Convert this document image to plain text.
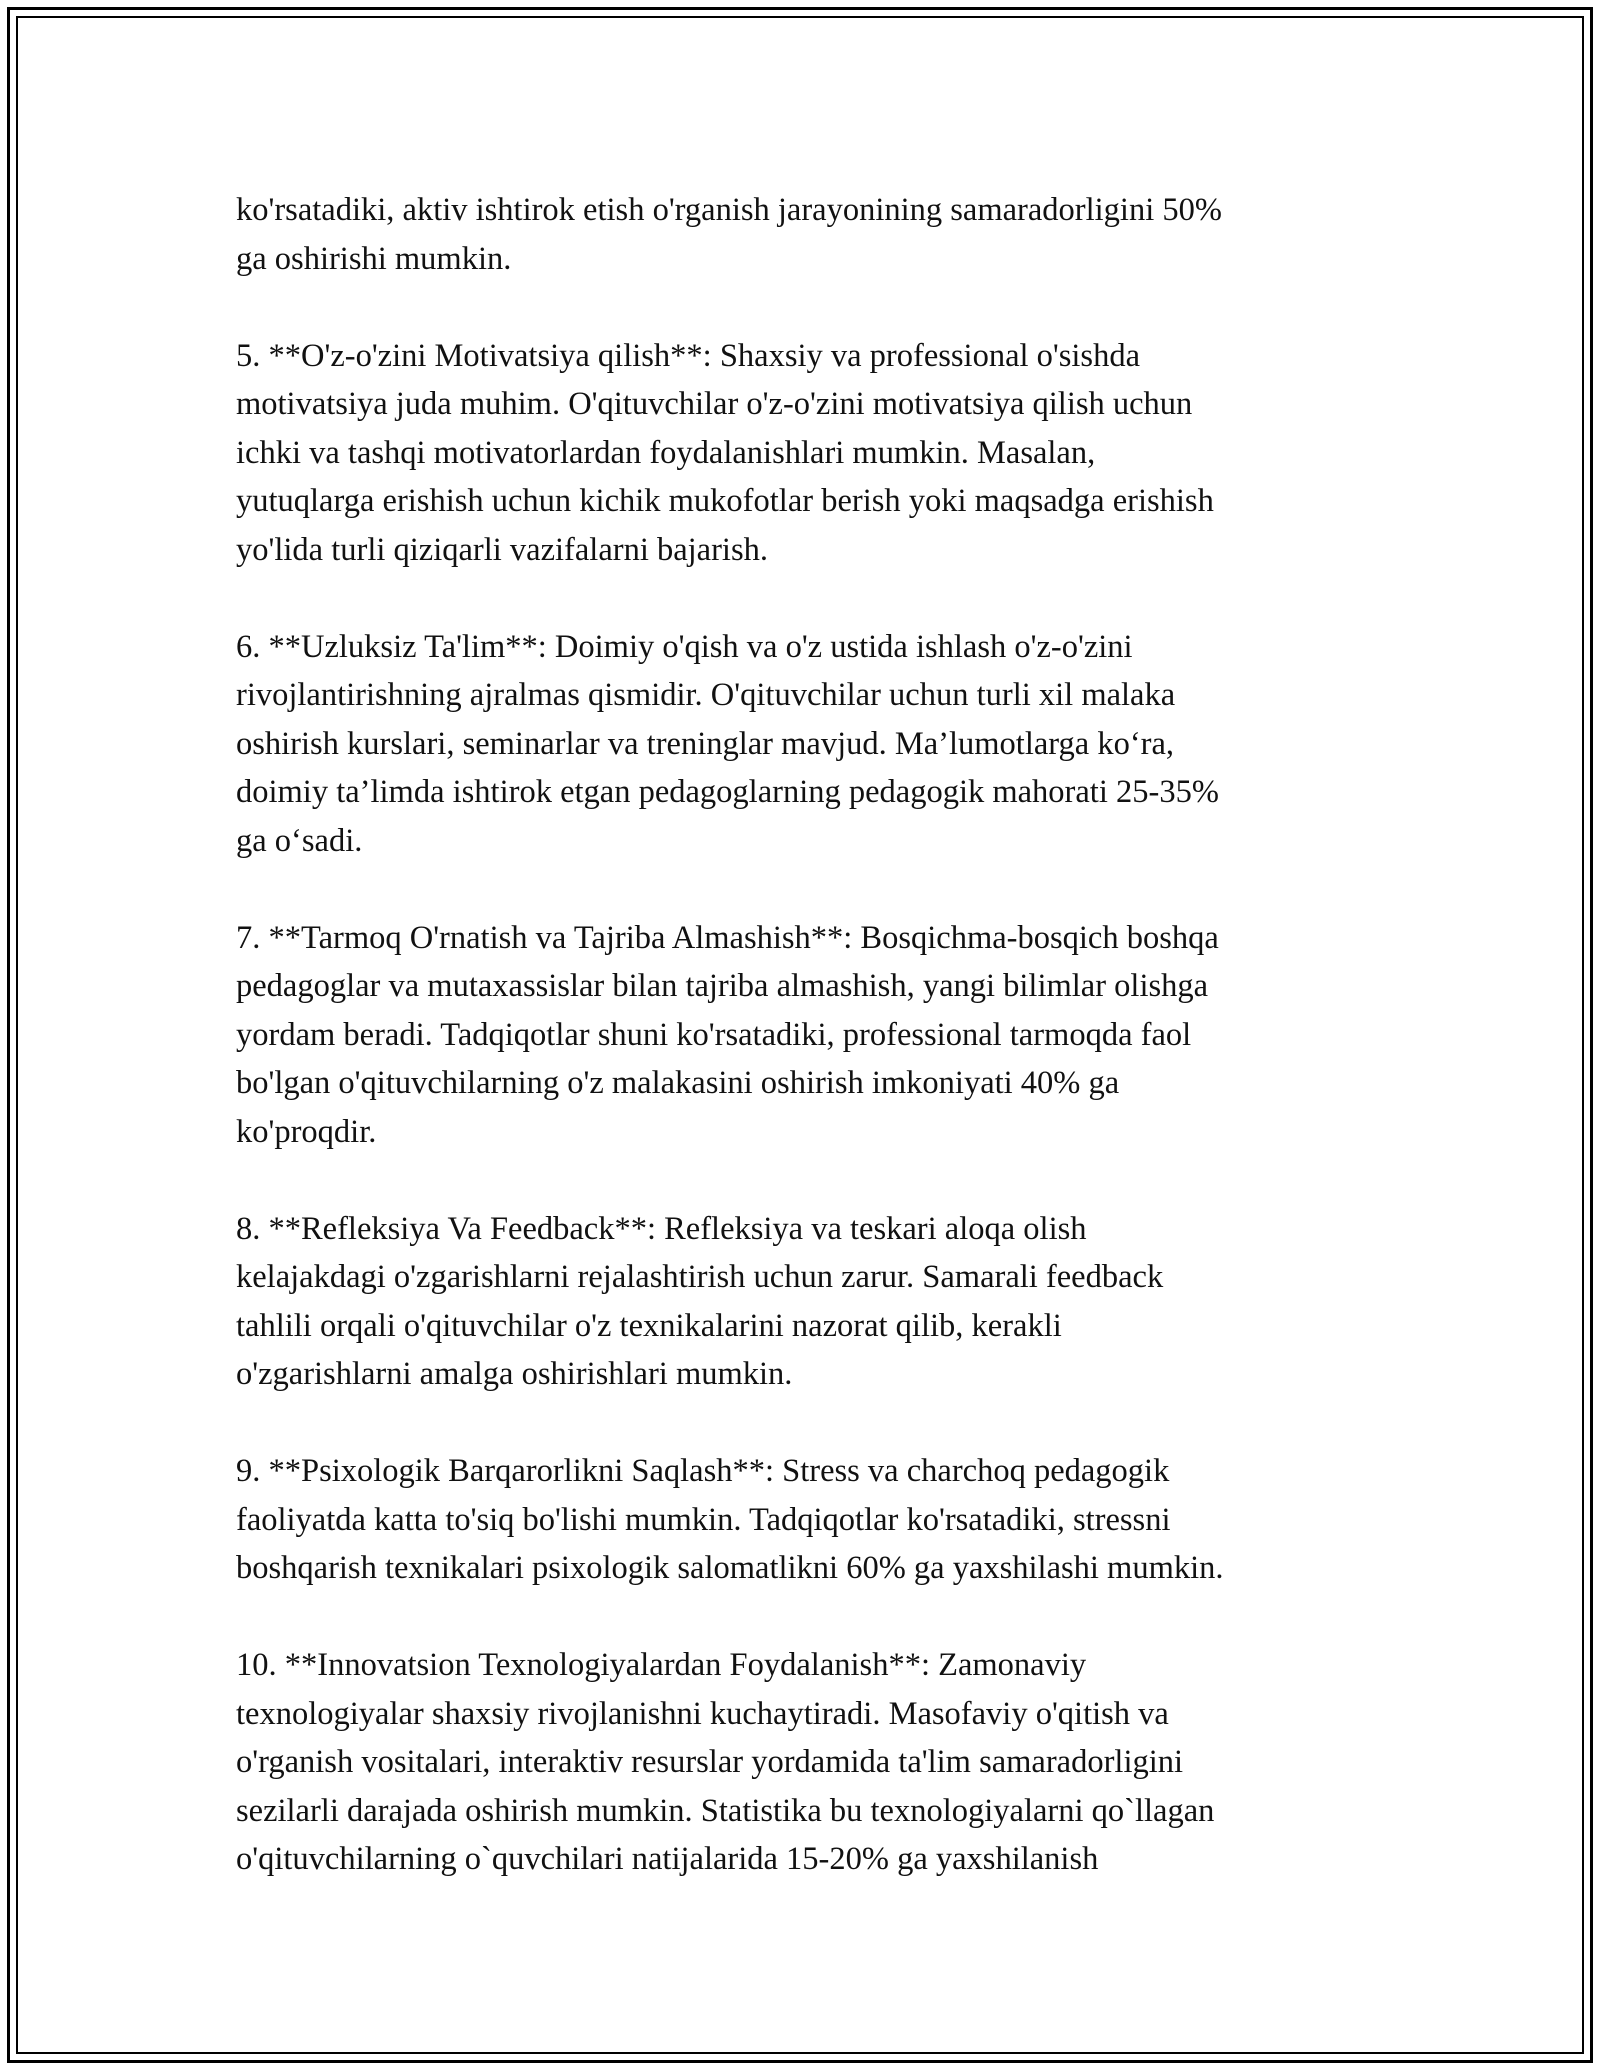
ko'rsatadiki, aktiv ishtirok etish o'rganish jarayonining samaradorligini 50%
ga oshirishi mumkin.

5. **O'z-o'zini Motivatsiya qilish**: Shaxsiy va professional o'sishda
motivatsiya juda muhim. O'qituvchilar o'z-o'zini motivatsiya qilish uchun
ichki va tashqi motivatorlardan foydalanishlari mumkin. Masalan,
yutuqlarga erishish uchun kichik mukofotlar berish yoki maqsadga erishish
yo'lida turli qiziqarli vazifalarni bajarish.

6. **Uzluksiz Ta'lim**: Doimiy o'qish va o'z ustida ishlash o'z-o'zini
rivojlantirishning ajralmas qismidir. O'qituvchilar uchun turli xil malaka
oshirish kurslari, seminarlar va treninglar mavjud. Ma’lumotlarga ko‘ra,
doimiy ta’limda ishtirok etgan pedagoglarning pedagogik mahorati 25-35%
ga o‘sadi.

7. **Tarmoq O'rnatish va Tajriba Almashish**: Bosqichma-bosqich boshqa
pedagoglar va mutaxassislar bilan tajriba almashish, yangi bilimlar olishga
yordam beradi. Tadqiqotlar shuni ko'rsatadiki, professional tarmoqda faol
bo'lgan o'qituvchilarning o'z malakasini oshirish imkoniyati 40% ga
ko'proqdir.

8. **Refleksiya Va Feedback**: Refleksiya va teskari aloqa olish
kelajakdagi o'zgarishlarni rejalashtirish uchun zarur. Samarali feedback
tahlili orqali o'qituvchilar o'z texnikalarini nazorat qilib, kerakli
o'zgarishlarni amalga oshirishlari mumkin.

9. **Psixologik Barqarorlikni Saqlash**: Stress va charchoq pedagogik
faoliyatda katta to'siq bo'lishi mumkin. Tadqiqotlar ko'rsatadiki, stressni
boshqarish texnikalari psixologik salomatlikni 60% ga yaxshilashi mumkin.

10. **Innovatsion Texnologiyalardan Foydalanish**: Zamonaviy
texnologiyalar shaxsiy rivojlanishni kuchaytiradi. Masofaviy o'qitish va
o'rganish vositalari, interaktiv resurslar yordamida ta'lim samaradorligini
sezilarli darajada oshirish mumkin. Statistika bu texnologiyalarni qo`llagan
o'qituvchilarning o`quvchilari natijalarida 15-20% ga yaxshilanish
